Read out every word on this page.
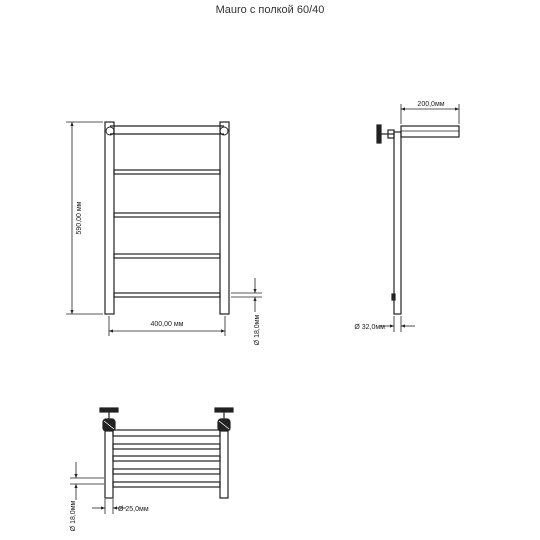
Mauro с полкой 60/40
590,00 мм
400,00 мм	Ø 18,0мм
200,0мм
Ø 32,0мм
Ø 18,0мм	Ø 25,0мм
